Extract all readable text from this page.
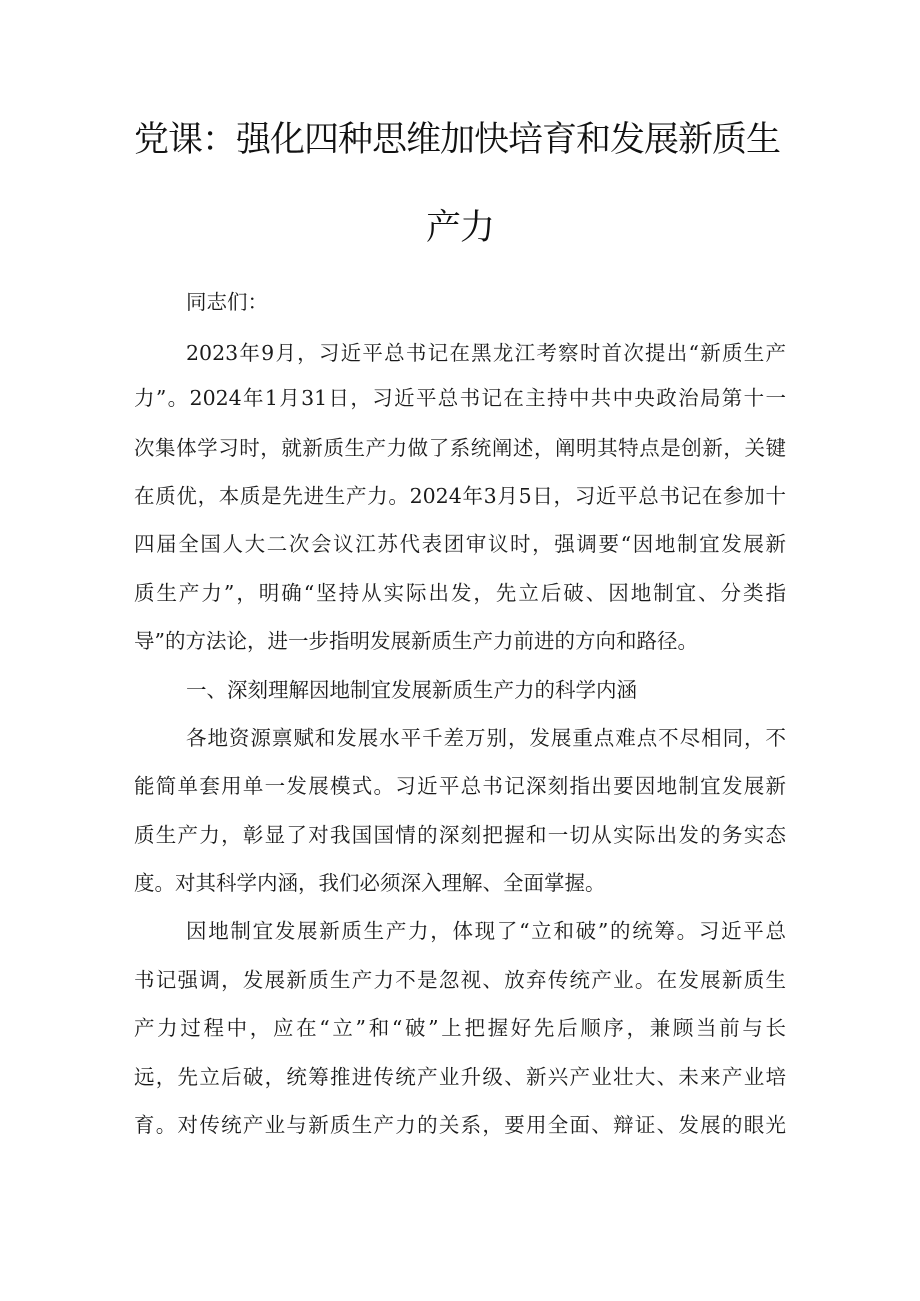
党课：强化四种思维加快培育和发展新质生
产力

同志们：

2023年9月，习近平总书记在黑龙江考察时首次提出“新质生产

力”。2024年1月31日，习近平总书记在主持中共中央政治局第十一

次集体学习时，就新质生产力做了系统阐述，阐明其特点是创新，关键

在质优，本质是先进生产力。2024年3月5日，习近平总书记在参加十

四届全国人大二次会议江苏代表团审议时，强调要“因地制宜发展新

质生产力”，明确“坚持从实际出发，先立后破、因地制宜、分类指

导”的方法论，进一步指明发展新质生产力前进的方向和路径。

一、深刻理解因地制宜发展新质生产力的科学内涵

各地资源禀赋和发展水平千差万别，发展重点难点不尽相同，不

能简单套用单一发展模式。习近平总书记深刻指出要因地制宜发展新

质生产力，彰显了对我国国情的深刻把握和一切从实际出发的务实态

度。对其科学内涵，我们必须深入理解、全面掌握。

因地制宜发展新质生产力，体现了“立和破”的统筹。习近平总

书记强调，发展新质生产力不是忽视、放弃传统产业。在发展新质生

产力过程中，应在“立”和“破”上把握好先后顺序，兼顾当前与长

远，先立后破，统筹推进传统产业升级、新兴产业壮大、未来产业培

育。对传统产业与新质生产力的关系，要用全面、辩证、发展的眼光
